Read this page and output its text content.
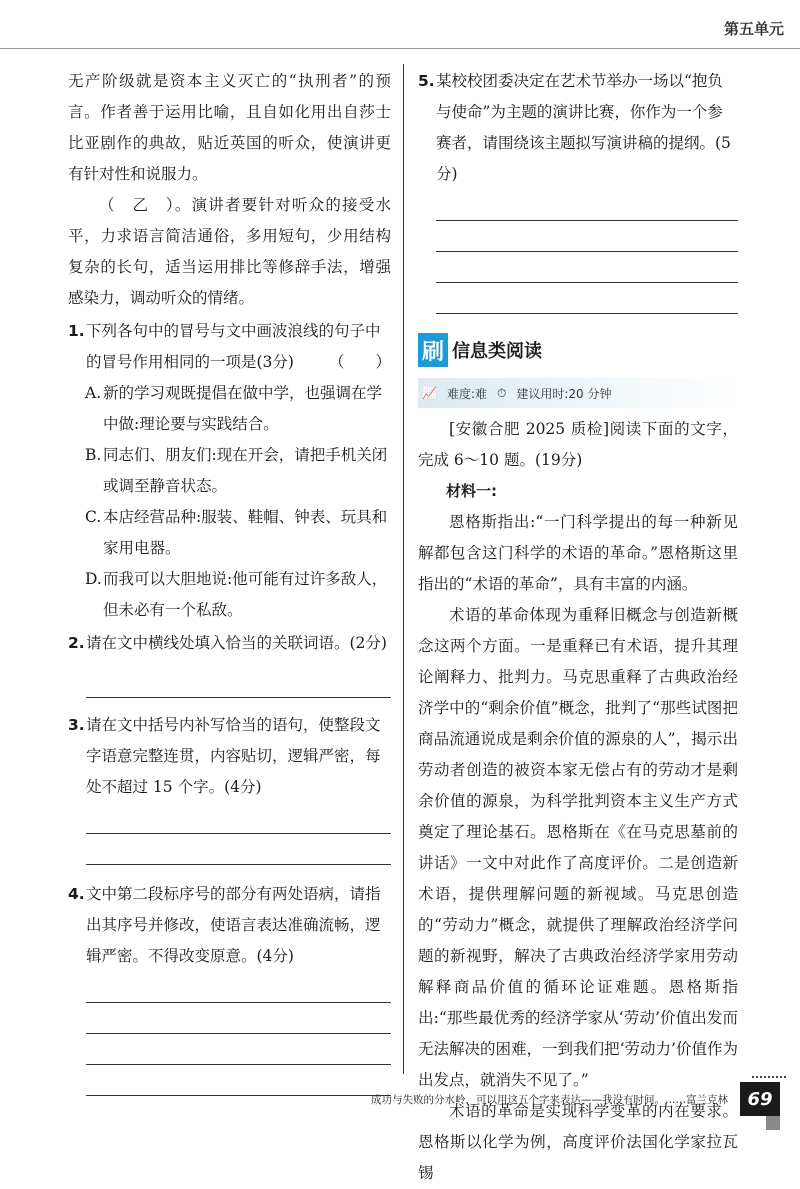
第五单元

无产阶级就是资本主义灭亡的“执刑者”的预言。作者善于运用比喻，且自如化用出自莎士比亚剧作的典故，贴近英国的听众，使演讲更有针对性和说服力。

（　乙　）。演讲者要针对听众的接受水平，力求语言简洁通俗，多用短句，少用结构复杂的长句，适当运用排比等修辞手法，增强感染力，调动听众的情绪。

1. 下列各句中的冒号与文中画波浪线的句子中的冒号作用相同的一项是(3分) （　　）
A. 新的学习观既提倡在做中学，也强调在学中做:理论要与实践结合。
B. 同志们、朋友们:现在开会，请把手机关闭或调至静音状态。
C. 本店经营品种:服装、鞋帽、钟表、玩具和家用电器。
D. 而我可以大胆地说:他可能有过许多敌人，但未必有一个私敌。
2. 请在文中横线处填入恰当的关联词语。(2分)
3. 请在文中括号内补写恰当的语句，使整段文字语意完整连贯，内容贴切，逻辑严密，每处不超过 15 个字。(4分)
4. 文中第二段标序号的部分有两处语病，请指出其序号并修改，使语言表达准确流畅，逻辑严密。不得改变原意。(4分)
5. 某校校团委决定在艺术节举办一场以“抱负与使命”为主题的演讲比赛，你作为一个参赛者，请围绕该主题拟写演讲稿的提纲。(5分)
刷 信息类阅读
📈 难度:难 ⏱ 建议用时:20 分钟

[安徽合肥 2025 质检]阅读下面的文字，完成 6～10 题。(19分)

材料一:

恩格斯指出:“一门科学提出的每一种新见解都包含这门科学的术语的革命。”恩格斯这里指出的“术语的革命”，具有丰富的内涵。

术语的革命体现为重释旧概念与创造新概念这两个方面。一是重释已有术语，提升其理论阐释力、批判力。马克思重释了古典政治经济学中的“剩余价值”概念，批判了“那些试图把商品流通说成是剩余价值的源泉的人”，揭示出劳动者创造的被资本家无偿占有的劳动才是剩余价值的源泉，为科学批判资本主义生产方式奠定了理论基石。恩格斯在《在马克思墓前的讲话》一文中对此作了高度评价。二是创造新术语，提供理解问题的新视域。马克思创造的“劳动力”概念，就提供了理解政治经济学问题的新视野，解决了古典政治经济学家用劳动解释商品价值的循环论证难题。恩格斯指出:“那些最优秀的经济学家从‘劳动’价值出发而无法解决的困难，一到我们把‘劳动力’价值作为出发点，就消失不见了。”

术语的革命是实现科学变革的内在要求。恩格斯以化学为例，高度评价法国化学家拉瓦锡

成功与失败的分水岭，可以用这五个字来表达——我没有时间。……富兰克林	69
